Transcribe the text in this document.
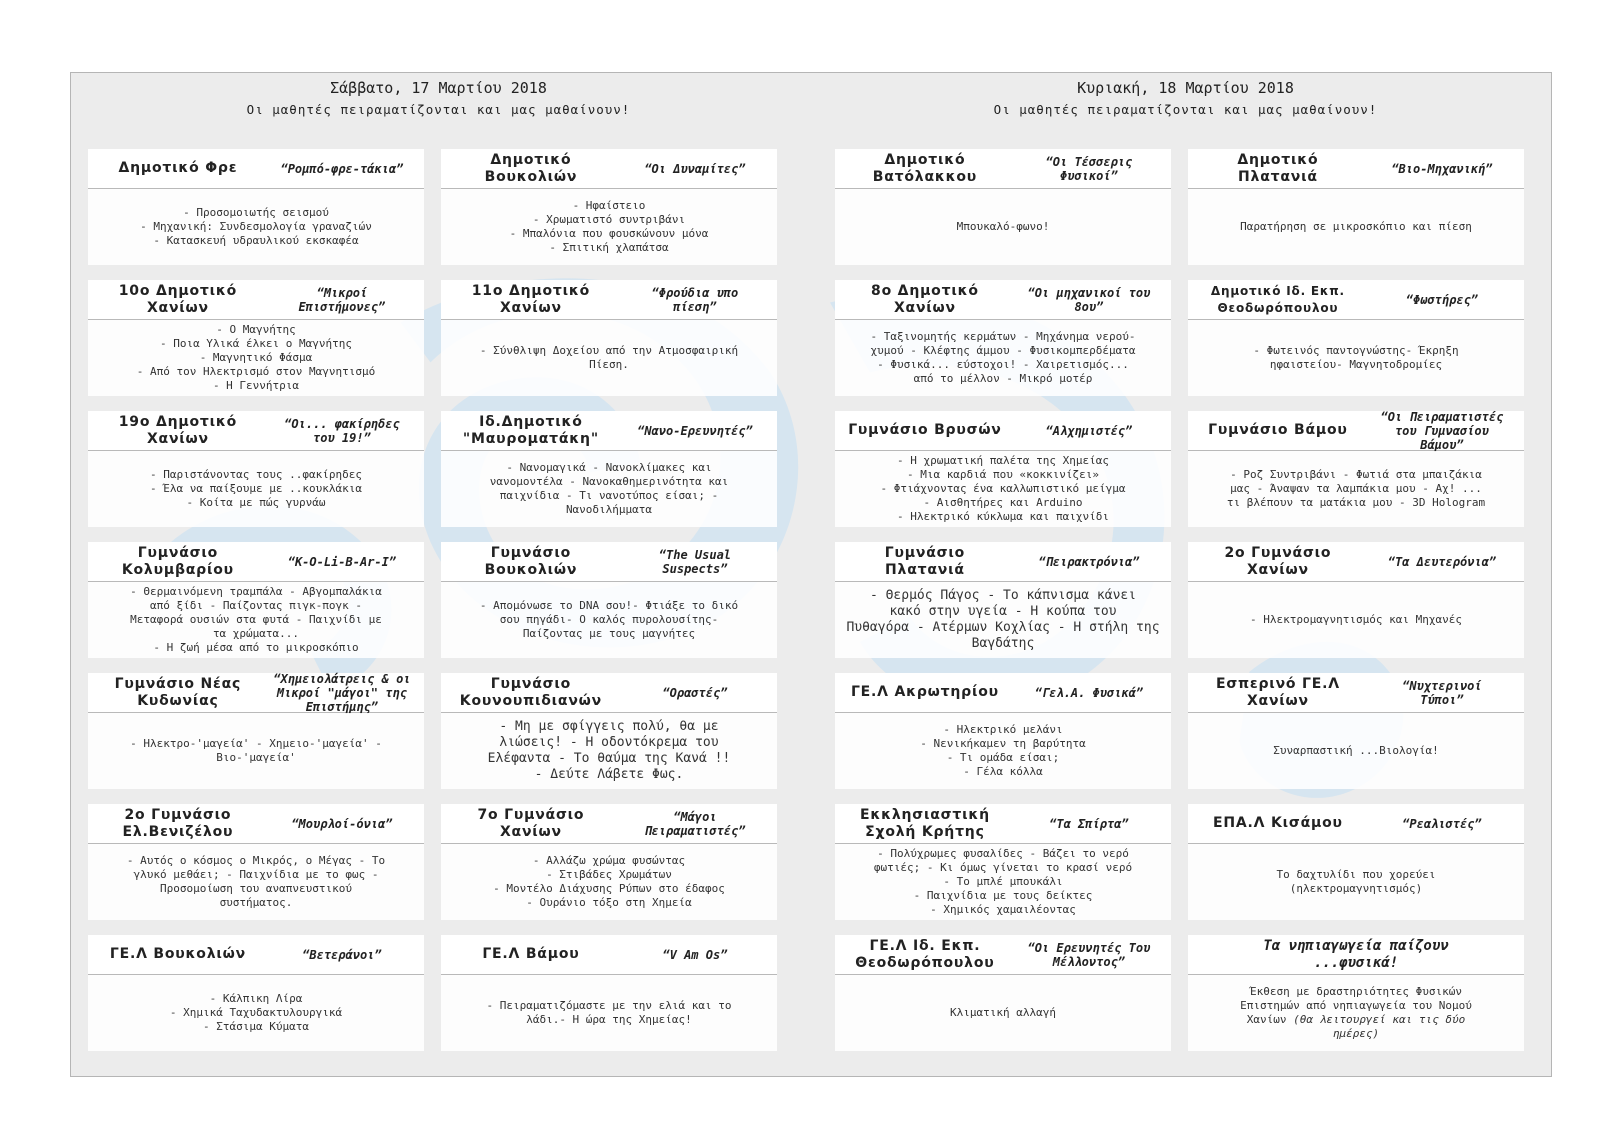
Σάββατο, 17 Μαρτίου 2018
Οι μαθητές πειραματίζονται και μας μαθαίνουν!
Δημοτικό Φρε	“Ρομπό-φρε-τάκια”
- Προσομοιωτής σεισμού
- Μηχανική: Συνδεσμολογία γραναζιών
- Κατασκευή υδραυλικού εκσκαφέα
Δημοτικό
Βουκολιών	“Οι Δυναμίτες”
- Ηφαίστειο
- Χρωματιστό συντριβάνι
- Μπαλόνια που φουσκώνουν μόνα
- Σπιτική χλαπάτσα
10ο Δημοτικό
Χανίων
“Μικροί
Επιστήμονες”
- Ο Μαγνήτης
- Ποια Υλικά έλκει ο Μαγνήτης
- Μαγνητικό Φάσμα
- Από τον Ηλεκτρισμό στον Μαγνητισμό
- Η Γεννήτρια
11ο Δημοτικό
Χανίων
“Φρούδια υπο
πίεση”
- Σύνθλιψη Δοχείου από την Ατμοσφαιρική
Πίεση.
19ο Δημοτικό
Χανίων
“Οι... φακίρηδες
του 19!”
- Παριστάνοντας τους ..φακίρηδες
- Έλα να παίξουμε με ..κουκλάκια
- Κοίτα με πώς γυρνάω
Ιδ.Δημοτικό
"Μαυροματάκη"	“Νανο-Ερευνητές”
- Νανομαγικά - Νανοκλίμακες και
νανομοντέλα - Νανοκαθημερινότητα και
παιχνίδια - Τι νανοτύπος είσαι; -
Νανοδιλήμματα
Γυμνάσιο
Κολυμβαρίου	“K-O-Li-B-Ar-I”
- Θερμαινόμενη τραμπάλα - Αβγομπαλάκια
από ξίδι - Παίζοντας πιγκ-πογκ -
Μεταφορά ουσιών στα φυτά - Παιχνίδι με
τα χρώματα...
- Η ζωή μέσα από το μικροσκόπιο
Γυμνάσιο
Βουκολιών
“The Usual
Suspects”
- Απομόνωσε το DNA σου!- Φτιάξε το δικό
σου πηγάδι- Ο καλός πυρολουσίτης-
Παίζοντας με τους μαγνήτες
Γυμνάσιο Νέας
Κυδωνίας
“Χημειολάτρεις & οι
Μικροί "μάγοι" της
Επιστήμης”
- Ηλεκτρο-'μαγεία' - Χημειο-'μαγεία' -
Βιο-'μαγεία'
Γυμνάσιο
Κουνουπιδιανών	“Οραστές”
- Μη με σφίγγεις πολύ, θα με
λιώσεις! - Η οδοντόκρεμα του
Ελέφαντα - Το θαύμα της Κανά !!
- Δεύτε Λάβετε Φως.
2ο Γυμνάσιο
Ελ.Βενιζέλου	“Μουρλοί-όνια”
- Αυτός ο κόσμος ο Μικρός, ο Μέγας - Το
γλυκό μεθάει; - Παιχνίδια με το φως -
Προσομοίωση του αναπνευστικού
συστήματος.
7ο Γυμνάσιο
Χανίων
“Μάγοι
Πειραματιστές”
- Αλλάζω χρώμα φυσώντας
- Στιβάδες Χρωμάτων
- Μοντέλο Διάχυσης Ρύπων στο έδαφος
- Ουράνιο τόξο στη Χημεία
ΓΕ.Λ Βουκολιών	“Βετεράνοι”
- Κάλπικη Λίρα
- Χημικά Ταχυδακτυλουργικά
- Στάσιμα Κύματα
ΓΕ.Λ Βάμου	“V Am Os”
- Πειραματιζόμαστε με την ελιά και το
λάδι.- Η ώρα της Χημείας!
Κυριακή, 18 Μαρτίου 2018
Οι μαθητές πειραματίζονται και μας μαθαίνουν!
Δημοτικό
Βατόλακκου
“Οι Τέσσερις
Φυσικοί”
Μπουκαλό-φωνο!
Δημοτικό
Πλατανιά	“Βιο-Μηχανική”
Παρατήρηση σε μικροσκόπιο και πίεση
8ο Δημοτικό
Χανίων
“Οι μηχανικοί του
8ου”
- Ταξινομητής κερμάτων - Μηχάνημα νερού-
χυμού - Κλέφτης άμμου - Φυσικομπερδέματα
- Φυσικά... εύστοχοι! - Χαιρετισμός...
από το μέλλον - Μικρό μοτέρ
Δημοτικό Ιδ. Εκπ.
Θεοδωρόπουλου
“Φωστήρες”
- Φωτεινός παντογνώστης- Έκρηξη
ηφαιστείου- Μαγνητοδρομίες
Γυμνάσιο Βρυσών	“Αλχημιστές”
- Η χρωματική παλέτα της Χημείας
- Μια καρδιά που «κοκκινίζει»
- Φτιάχνοντας ένα καλλωπιστικό μείγμα
- Αισθητήρες και Arduino
- Ηλεκτρικό κύκλωμα και παιχνίδι
Γυμνάσιο Βάμου
“Οι Πειραματιστές
του Γυμνασίου
Βάμου”
- Ροζ Συντριβάνι - Φωτιά στα μπαιζάκια
μας - Άναψαν τα λαμπάκια μου - Αχ! ...
τι βλέπουν τα ματάκια μου - 3D Hologram
Γυμνάσιο
Πλατανιά	“Πειρακτρόνια”
- Θερμός Πάγος - Το κάπνισμα κάνει
κακό στην υγεία - Η κούπα του
Πυθαγόρα - Ατέρμων Κοχλίας - Η στήλη της
Βαγδάτης
2ο Γυμνάσιο
Χανίων	“Τα Δευτερόνια”
- Ηλεκτρομαγνητισμός και Μηχανές
ΓΕ.Λ Ακρωτηρίου	“Γελ.Α. Φυσικά”
- Ηλεκτρικό μελάνι
- Νενικήκαμεν τη βαρύτητα
- Τι ομάδα είσαι;
- Γέλα κόλλα
Εσπερινό ΓΕ.Λ
Χανίων
“Νυχτερινοί
Τύποι”
Συναρπαστική ...Βιολογία!
Εκκλησιαστική
Σχολή Κρήτης	“Τα Σπίρτα”
- Πολύχρωμες φυσαλίδες - Βάζει το νερό
φωτιές; - Κι όμως γίνεται το κρασί νερό
- Το μπλέ μπουκάλι
- Παιχνίδια με τους δείκτες
- Χημικός χαμαιλέοντας
ΕΠΑ.Λ Κισάμου	“Ρεαλιστές”
Το δαχτυλίδι που χορεύει
(ηλεκτρομαγνητισμός)
ΓΕ.Λ Ιδ. Εκπ.
Θεοδωρόπουλου
“Οι Ερευνητές Του
Μέλλοντος”
Κλιματική αλλαγή
Τα νηπιαγωγεία παίζουν
...φυσικά!
Έκθεση με δραστηριότητες Φυσικών
Επιστημών από νηπιαγωγεία του Νομού
Χανίων (θα λειτουργεί και τις δύο
ημέρες)
